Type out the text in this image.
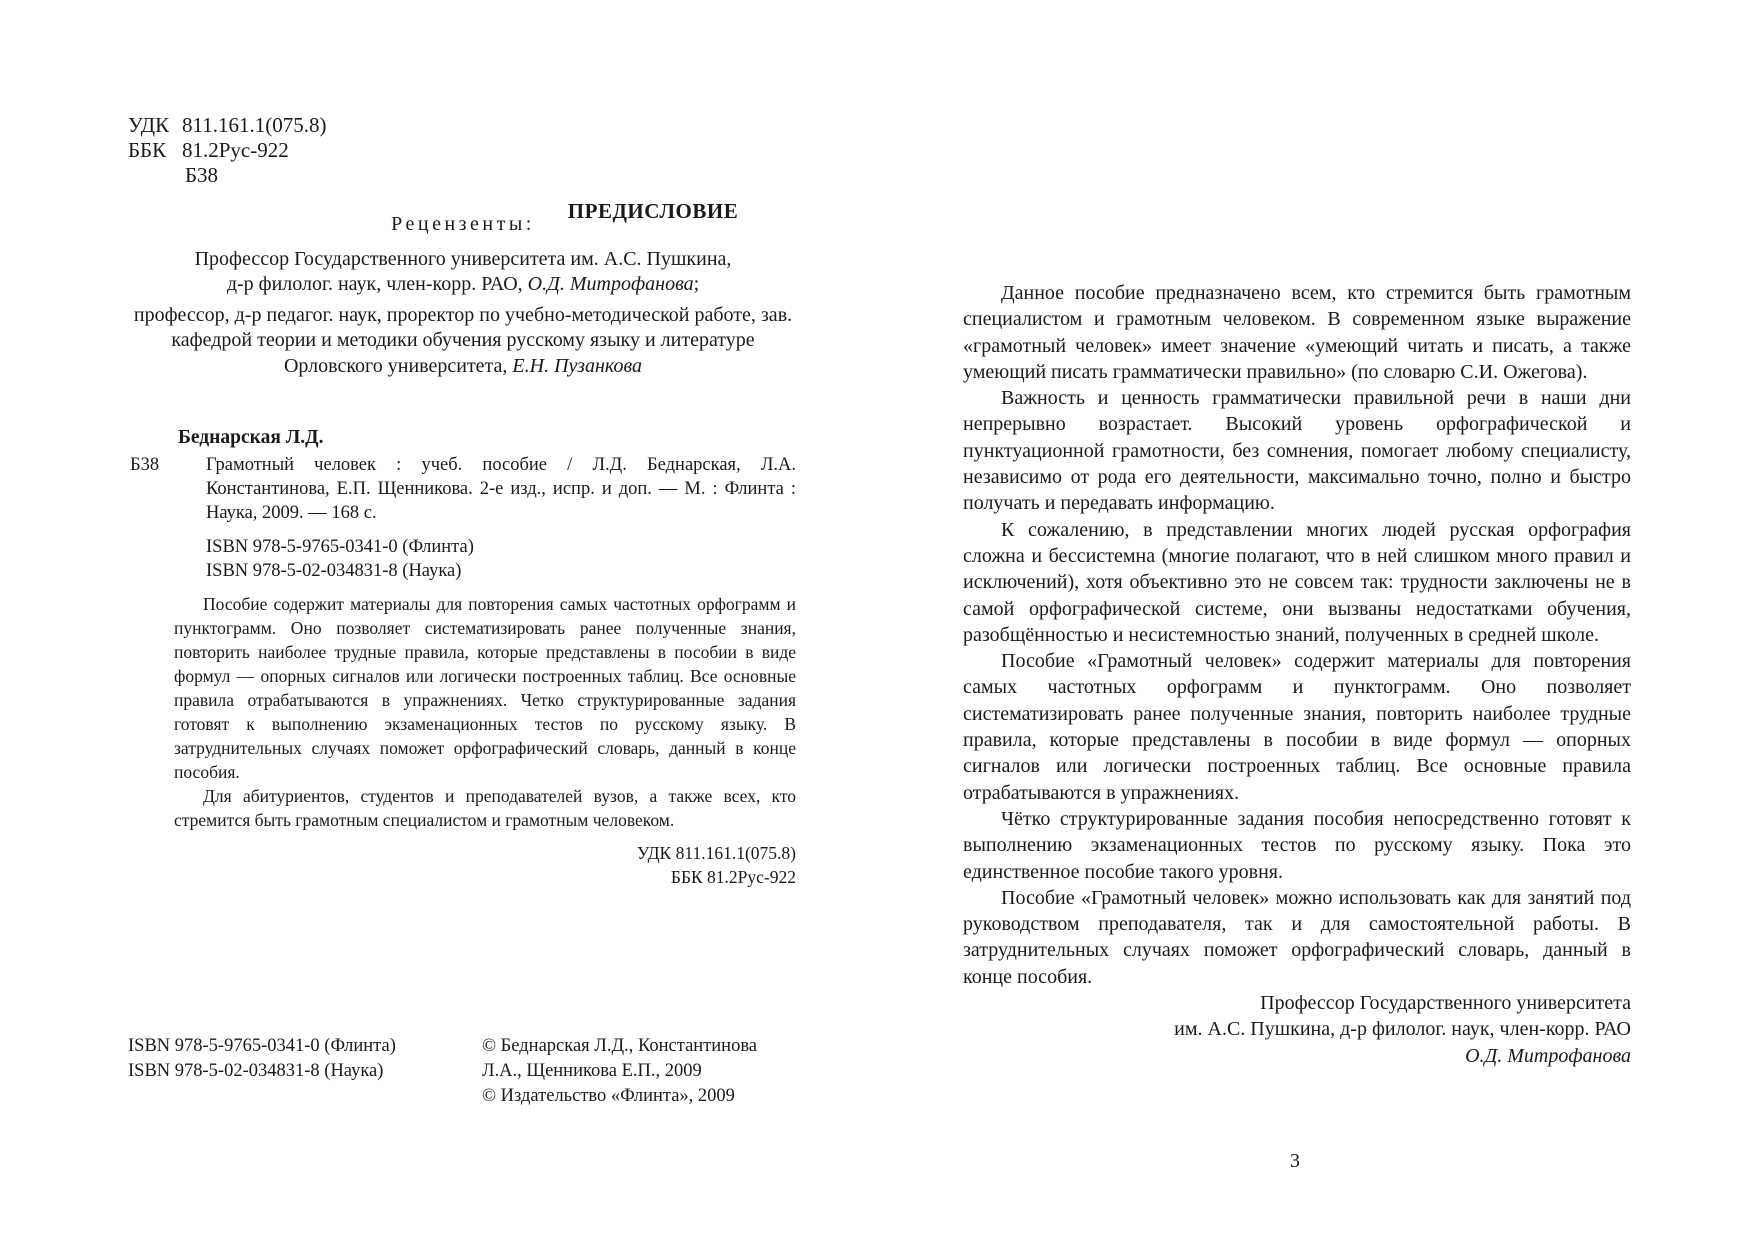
УДК 811.161.1(075.8)
ББК 81.2Рус-922
Б38
Рецензенты:
Профессор Государственного университета им. А.С. Пушкина,
д-р филолог. наук, член-корр. РАО, О.Д. Митрофанова;
профессор, д-р педагог. наук, проректор по учебно-методической работе, зав. кафедрой теории и методики обучения русскому языку и литературе Орловского университета, Е.Н. Пузанкова
Беднарская Л.Д.
Б38	Грамотный человек : учеб. пособие / Л.Д. Беднарская, Л.А. Константинова, Е.П. Щенникова. 2-е изд., испр. и доп. — М. : Флинта : Наука, 2009. — 168 с.
ISBN 978-5-9765-0341-0 (Флинта)
ISBN 978-5-02-034831-8 (Наука)
Пособие содержит материалы для повторения самых частотных орфограмм и пунктограмм. Оно позволяет систематизировать ранее полученные знания, повторить наиболее трудные правила, которые представлены в пособии в виде формул — опорных сигналов или логически построенных таблиц. Все основные правила отрабатываются в упражнениях. Четко структурированные задания готовят к выполнению экзаменационных тестов по русскому языку. В затруднительных случаях поможет орфографический словарь, данный в конце пособия.
Для абитуриентов, студентов и преподавателей вузов, а также всех, кто стремится быть грамотным специалистом и грамотным человеком.
УДК 811.161.1(075.8)
ББК 81.2Рус-922
ISBN 978-5-9765-0341-0 (Флинта)
ISBN 978-5-02-034831-8 (Наука)
© Беднарская Л.Д., Константинова Л.А., Щенникова Е.П., 2009
© Издательство «Флинта», 2009
ПРЕДИСЛОВИЕ
Данное пособие предназначено всем, кто стремится быть грамотным специалистом и грамотным человеком. В современном языке выражение «грамотный человек» имеет значение «умеющий читать и писать, а также умеющий писать грамматически правильно» (по словарю С.И. Ожегова).
Важность и ценность грамматически правильной речи в наши дни непрерывно возрастает. Высокий уровень орфографической и пунктуационной грамотности, без сомнения, помогает любому специалисту, независимо от рода его деятельности, максимально точно, полно и быстро получать и передавать информацию.
К сожалению, в представлении многих людей русская орфография сложна и бессистемна (многие полагают, что в ней слишком много правил и исключений), хотя объективно это не совсем так: трудности заключены не в самой орфографической системе, они вызваны недостатками обучения, разобщённостью и несистемностью знаний, полученных в средней школе.
Пособие «Грамотный человек» содержит материалы для повторения самых частотных орфограмм и пунктограмм. Оно позволяет систематизировать ранее полученные знания, повторить наиболее трудные правила, которые представлены в пособии в виде формул — опорных сигналов или логически построенных таблиц. Все основные правила отрабатываются в упражнениях.
Чётко структурированные задания пособия непосредственно готовят к выполнению экзаменационных тестов по русскому языку. Пока это единственное пособие такого уровня.
Пособие «Грамотный человек» можно использовать как для занятий под руководством преподавателя, так и для самостоятельной работы. В затруднительных случаях поможет орфографический словарь, данный в конце пособия.
Профессор Государственного университета
им. А.С. Пушкина, д-р филолог. наук, член-корр. РАО
О.Д. Митрофанова
3
